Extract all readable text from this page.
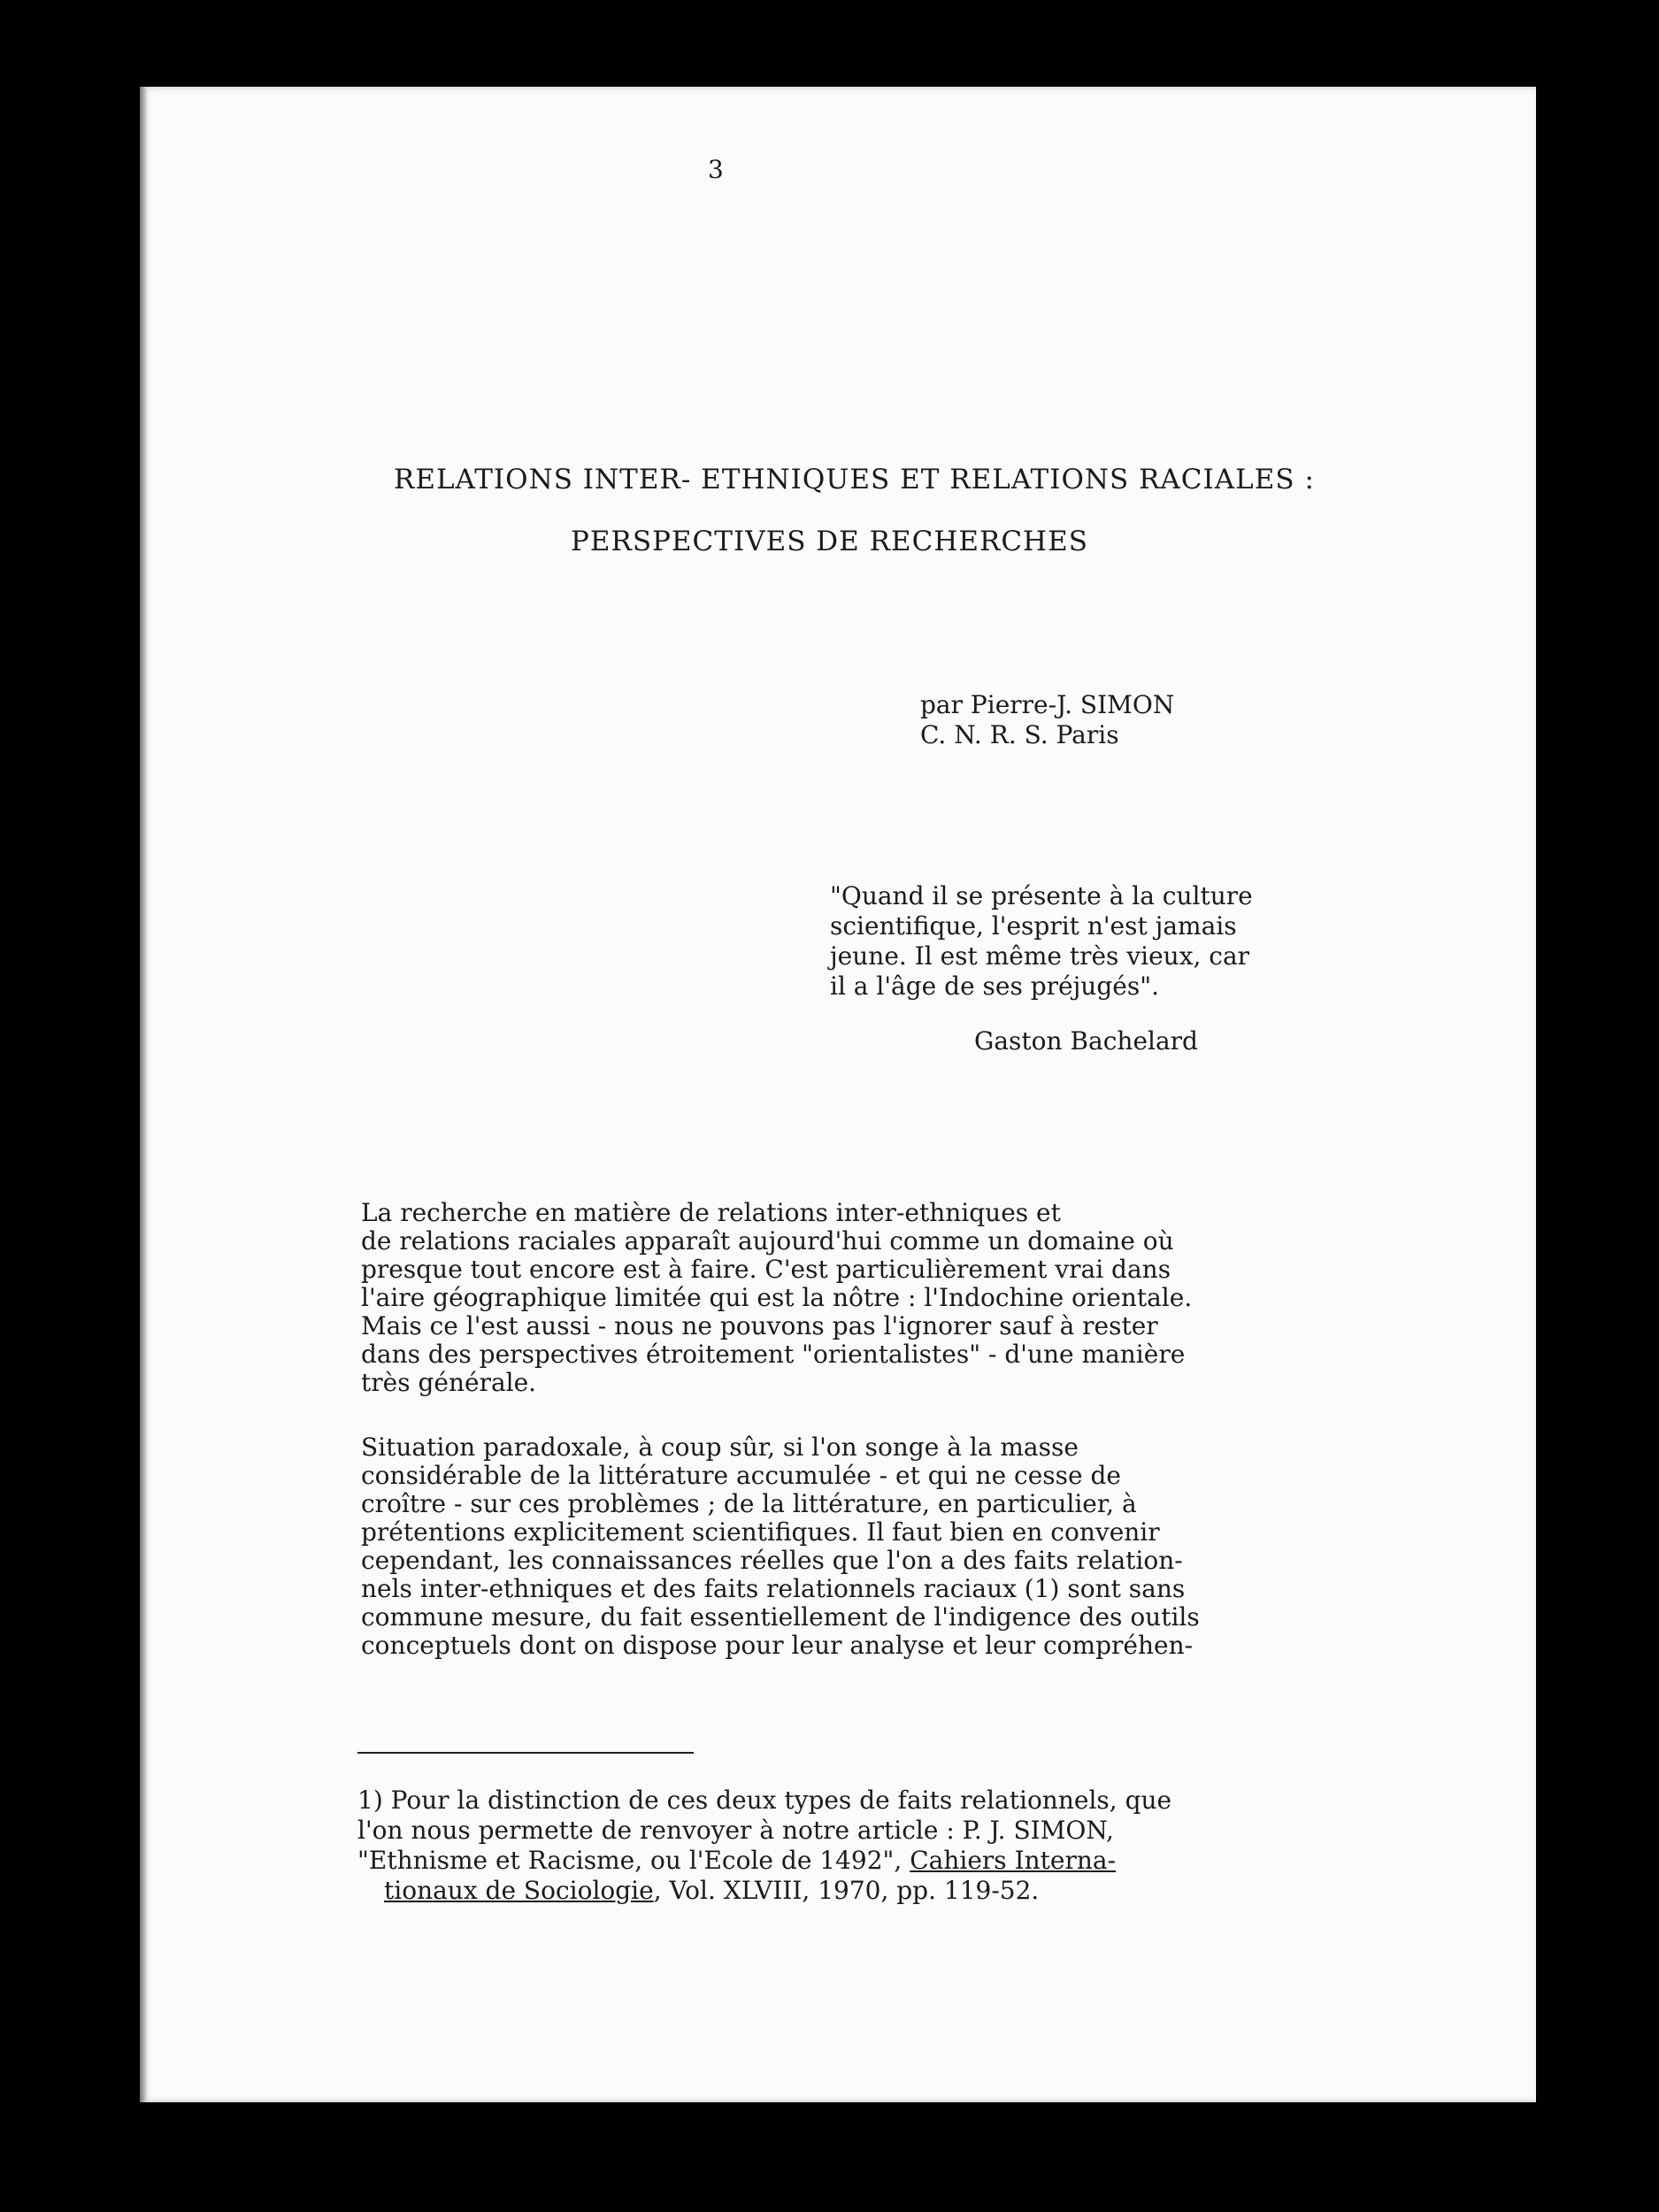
3
RELATIONS INTER- ETHNIQUES ET RELATIONS RACIALES :
PERSPECTIVES DE RECHERCHES
par Pierre-J. SIMON
C. N. R. S. Paris
"Quand il se présente à la culture
scientifique, l'esprit n'est jamais
jeune. Il est même très vieux, car
il a l'âge de ses préjugés".
Gaston Bachelard
La recherche en matière de relations inter-ethniques et
de relations raciales apparaît aujourd'hui comme un domaine où
presque tout encore est à faire. C'est particulièrement vrai dans
l'aire géographique limitée qui est la nôtre : l'Indochine orientale.
Mais ce l'est aussi - nous ne pouvons pas l'ignorer sauf à rester
dans des perspectives étroitement "orientalistes" - d'une manière
très générale.
Situation paradoxale, à coup sûr, si l'on songe à la masse
considérable de la littérature accumulée - et qui ne cesse de
croître - sur ces problèmes ; de la littérature, en particulier, à
prétentions explicitement scientifiques. Il faut bien en convenir
cependant, les connaissances réelles que l'on a des faits relation-
nels inter-ethniques et des faits relationnels raciaux (1) sont sans
commune mesure, du fait essentiellement de l'indigence des outils
conceptuels dont on dispose pour leur analyse et leur compréhen-
1) Pour la distinction de ces deux types de faits relationnels, que
l'on nous permette de renvoyer à notre article : P. J. SIMON,
"Ethnisme et Racisme, ou l'Ecole de 1492", Cahiers Interna-
tionaux de Sociologie, Vol. XLVIII, 1970, pp. 119-52.
